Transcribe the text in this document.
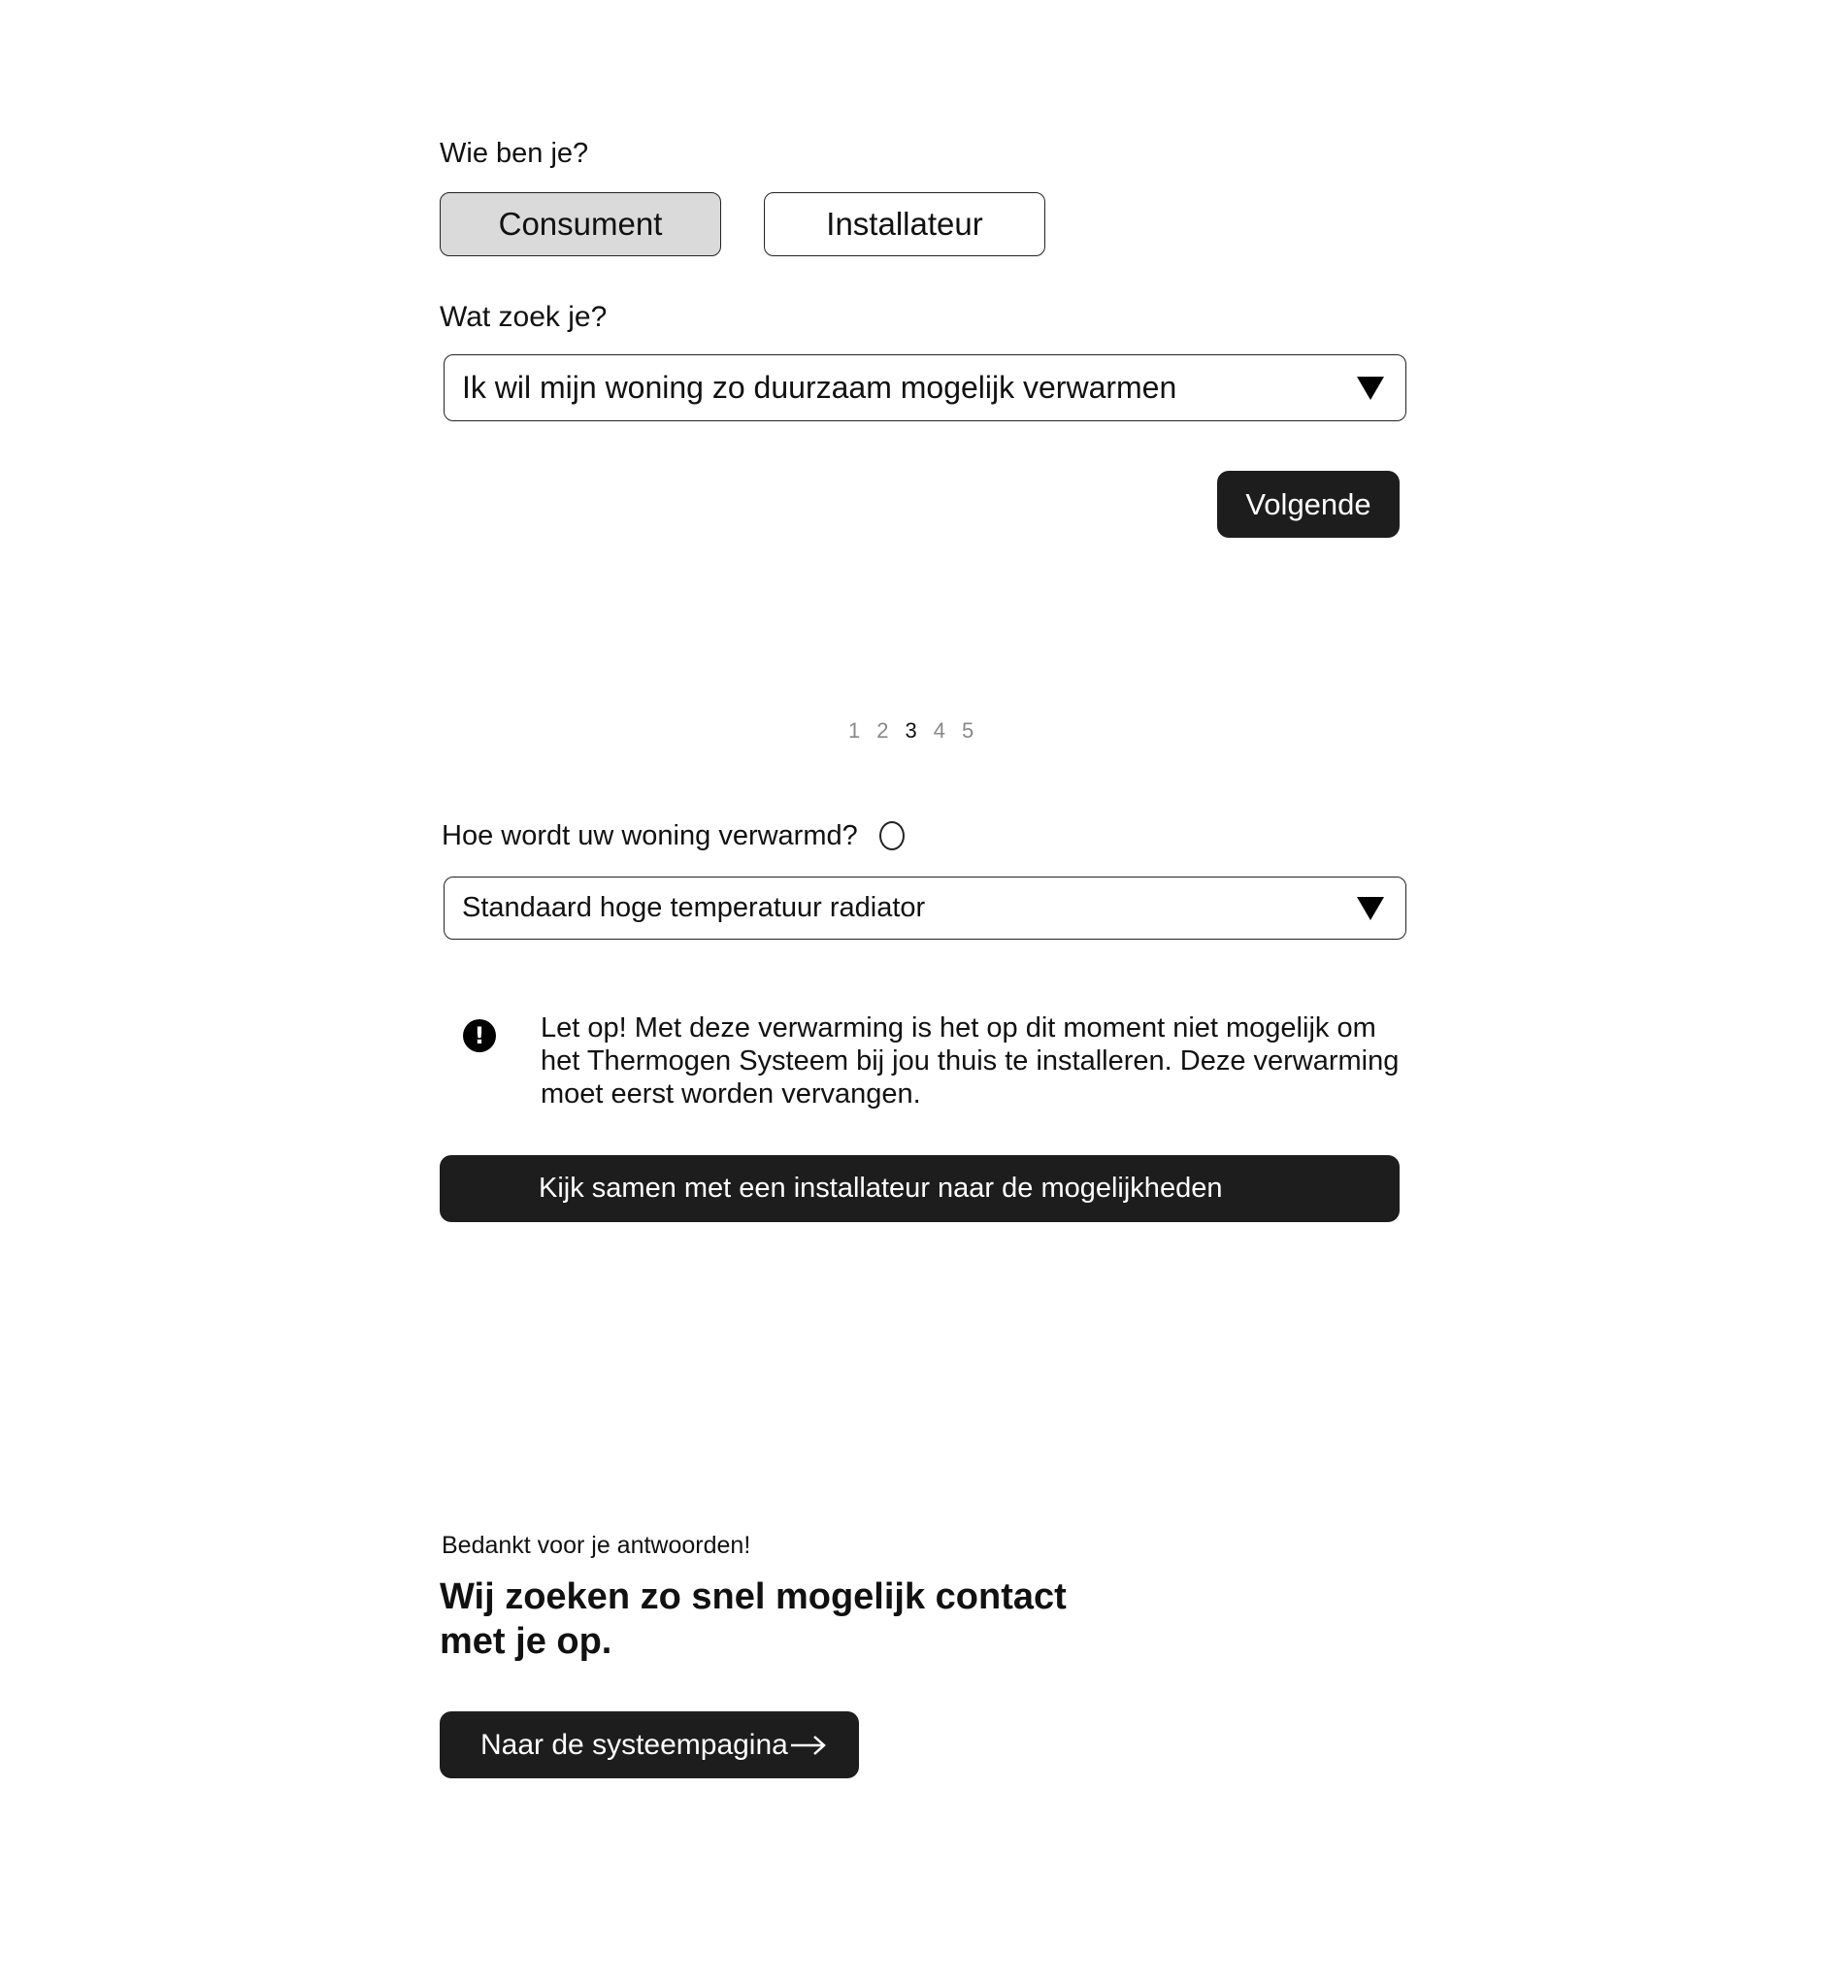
Wie ben je?
Consument	Installateur
Wat zoek je?
Ik wil mijn woning zo duurzaam mogelijk verwarmen
Volgende
1 2 3 4 5
Hoe wordt uw woning verwarmd?
Standaard hoge temperatuur radiator
!	Let op! Met deze verwarming is het op dit moment niet mogelijk om het Thermogen Systeem bij jou thuis te installeren. Deze verwarming moet eerst worden vervangen.
Kijk samen met een installateur naar de mogelijkheden
Bedankt voor je antwoorden!
Wij zoeken zo snel mogelijk contact met je op.
Naar de systeempagina
